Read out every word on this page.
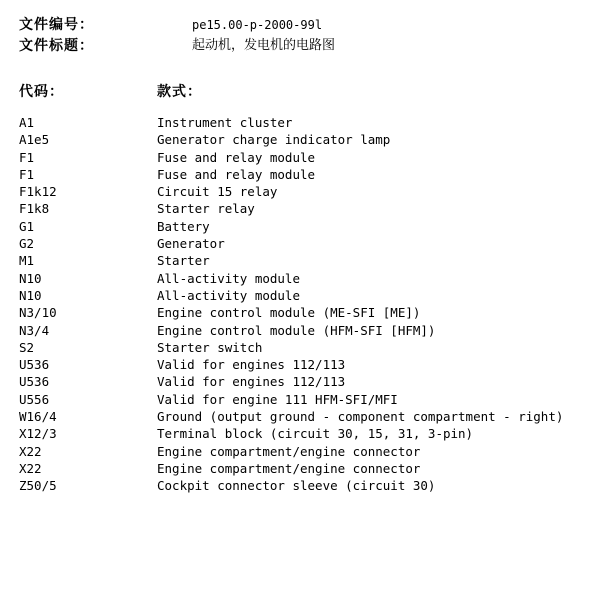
文件编号：	pe15.00-p-2000-99l
文件标题：	起动机，发电机的电路图
代码：	款式：
A1	Instrument cluster
A1e5	Generator charge indicator lamp
F1	Fuse and relay module
F1	Fuse and relay module
F1k12	Circuit 15 relay
F1k8	Starter relay
G1	Battery
G2	Generator
M1	Starter
N10	All-activity module
N10	All-activity module
N3/10	Engine control module (ME-SFI [ME])
N3/4	Engine control module (HFM-SFI [HFM])
S2	Starter switch
U536	Valid for engines 112/113
U536	Valid for engines 112/113
U556	Valid for engine 111 HFM-SFI/MFI
W16/4	Ground (output ground - component compartment - right)
X12/3	Terminal block (circuit 30, 15, 31, 3-pin)
X22	Engine compartment/engine connector
X22	Engine compartment/engine connector
Z50/5	Cockpit connector sleeve (circuit 30)
